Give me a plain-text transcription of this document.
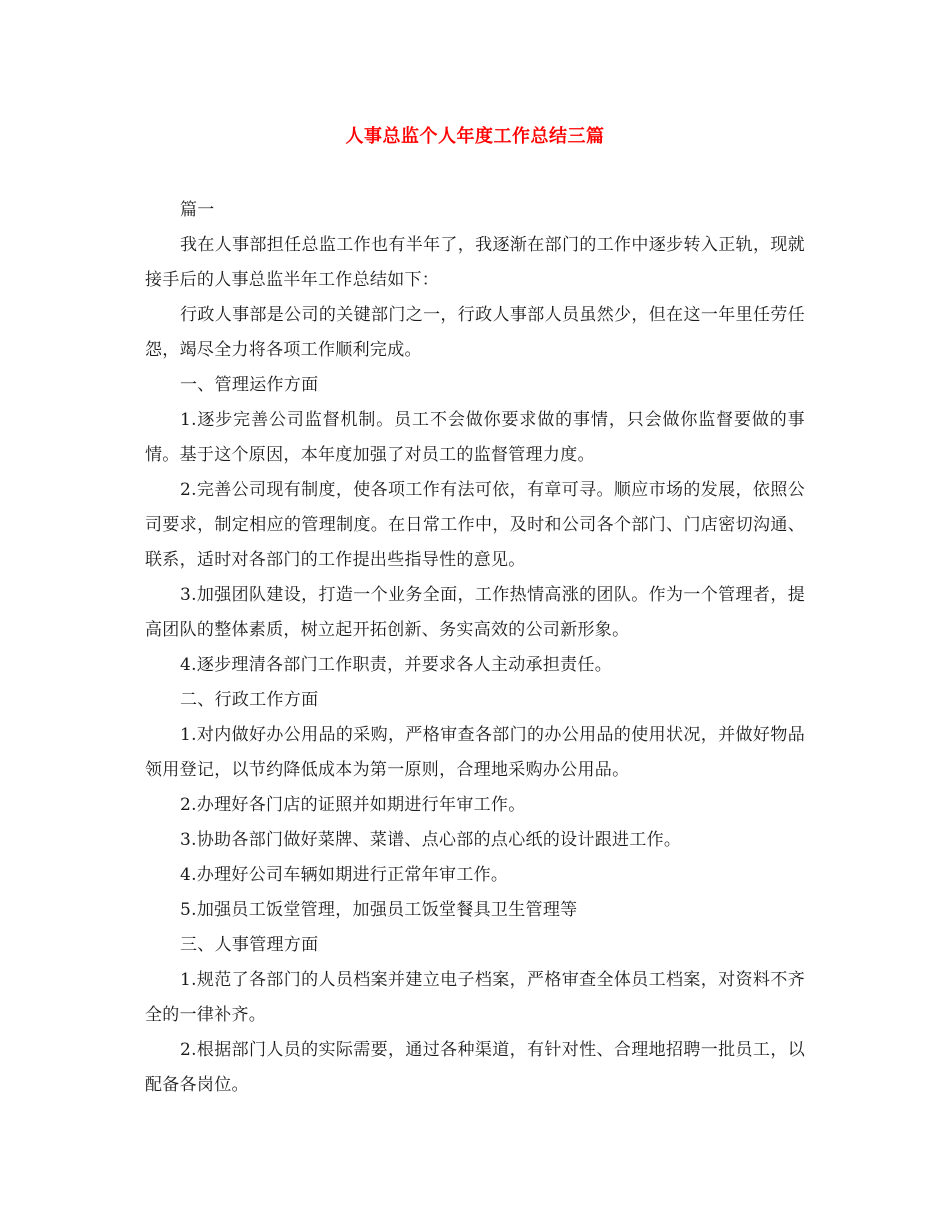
人事总监个人年度工作总结三篇

篇一

我在人事部担任总监工作也有半年了，我逐渐在部门的工作中逐步转入正轨，现就接手后的人事总监半年工作总结如下：

行政人事部是公司的关键部门之一，行政人事部人员虽然少，但在这一年里任劳任怨，竭尽全力将各项工作顺利完成。

一、管理运作方面

1.逐步完善公司监督机制。员工不会做你要求做的事情，只会做你监督要做的事情。基于这个原因，本年度加强了对员工的监督管理力度。

2.完善公司现有制度，使各项工作有法可依，有章可寻。顺应市场的发展，依照公司要求，制定相应的管理制度。在日常工作中，及时和公司各个部门、门店密切沟通、联系，适时对各部门的工作提出些指导性的意见。

3.加强团队建设，打造一个业务全面，工作热情高涨的团队。作为一个管理者，提高团队的整体素质，树立起开拓创新、务实高效的公司新形象。

4.逐步理清各部门工作职责，并要求各人主动承担责任。

二、行政工作方面

1.对内做好办公用品的采购，严格审查各部门的办公用品的使用状况，并做好物品领用登记，以节约降低成本为第一原则，合理地采购办公用品。

2.办理好各门店的证照并如期进行年审工作。

3.协助各部门做好菜牌、菜谱、点心部的点心纸的设计跟进工作。

4.办理好公司车辆如期进行正常年审工作。

5.加强员工饭堂管理，加强员工饭堂餐具卫生管理等

三、人事管理方面

1.规范了各部门的人员档案并建立电子档案，严格审查全体员工档案，对资料不齐全的一律补齐。

2.根据部门人员的实际需要，通过各种渠道，有针对性、合理地招聘一批员工，以配备各岗位。
